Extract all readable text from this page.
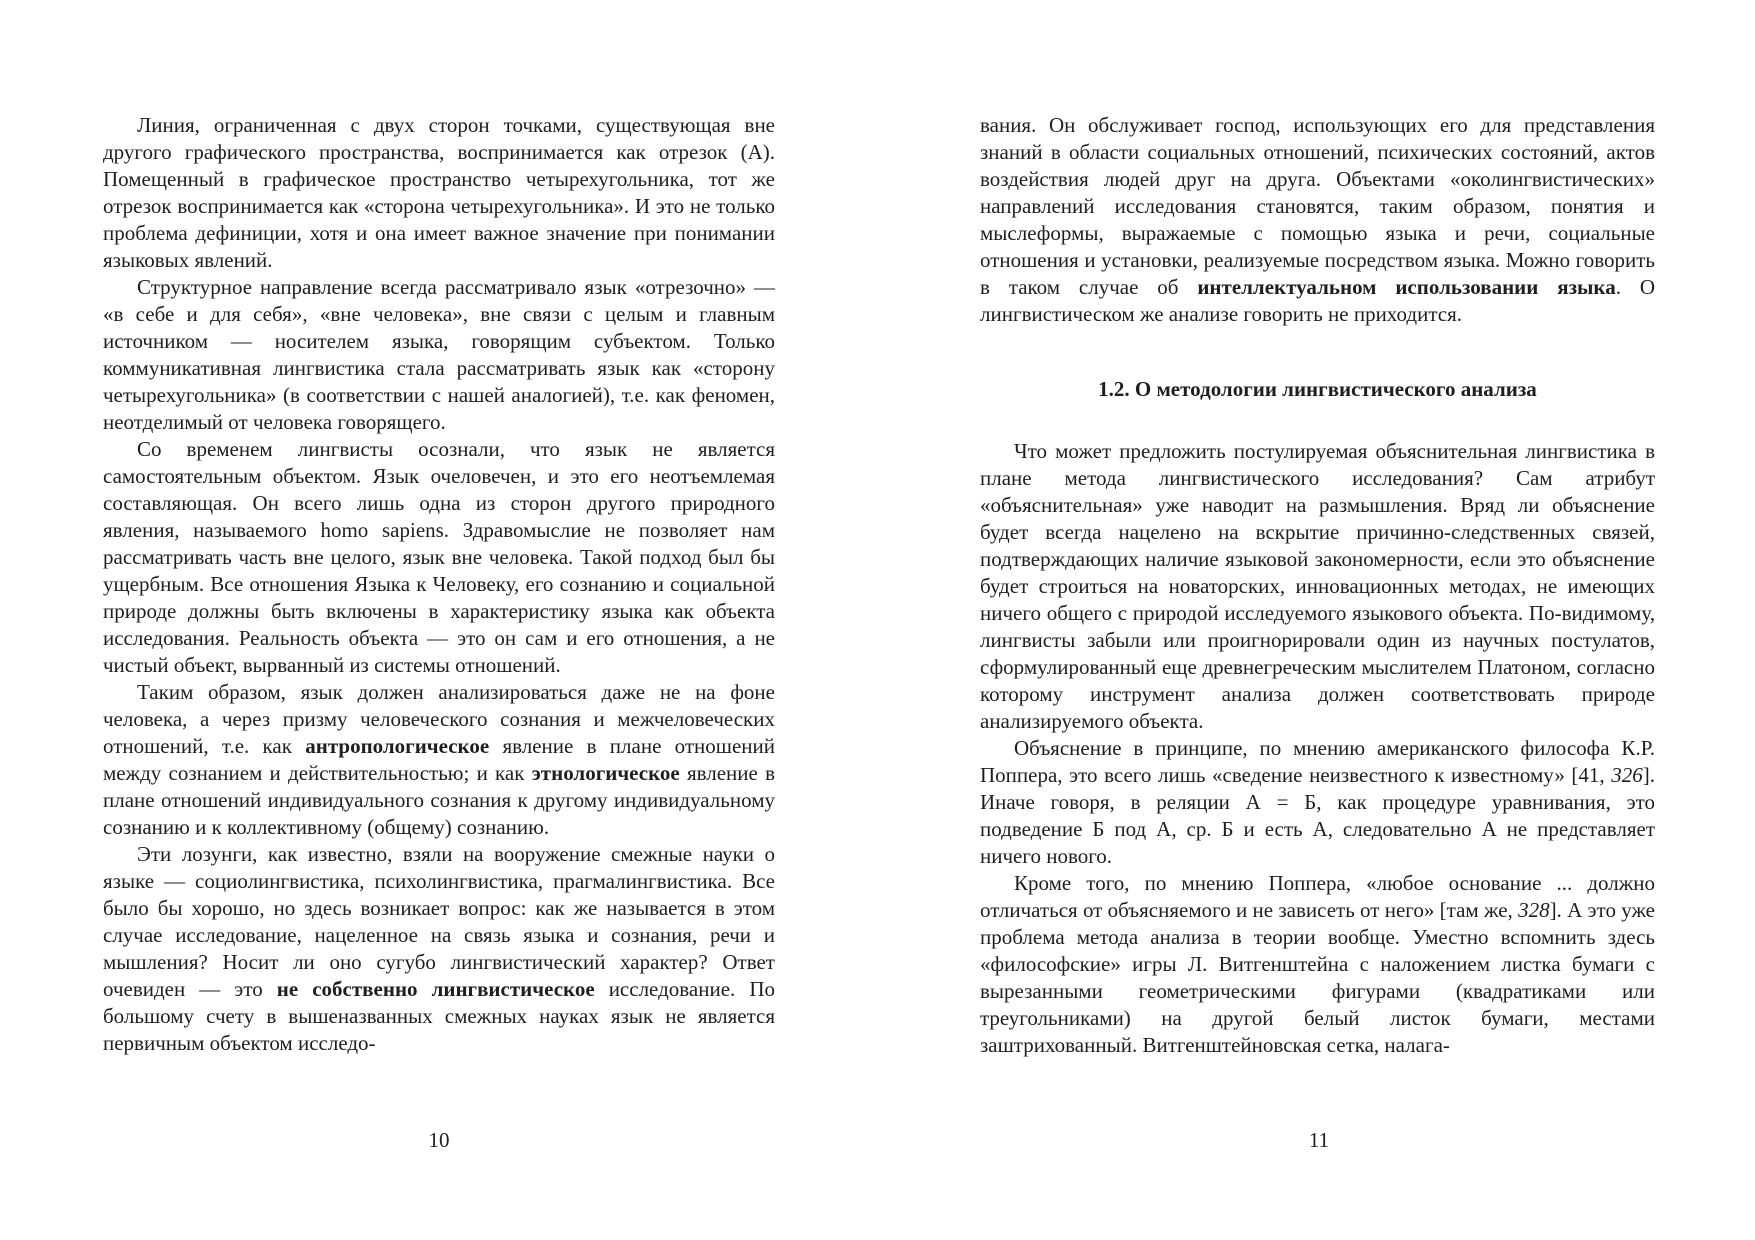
Линия, ограниченная с двух сторон точками, существующая вне другого графического пространства, воспринимается как отрезок (А). Помещенный в графическое пространство четырехугольника, тот же отрезок воспринимается как «сторона четырехугольника». И это не только проблема дефиниции, хотя и она имеет важное значение при понимании языковых явлений.

Структурное направление всегда рассматривало язык «отрезочно» — «в себе и для себя», «вне человека», вне связи с целым и главным источником — носителем языка, говорящим субъектом. Только коммуникативная лингвистика стала рассматривать язык как «сторону четырехугольника» (в соответствии с нашей аналогией), т.е. как феномен, неотделимый от человека говорящего.

Со временем лингвисты осознали, что язык не является самостоятельным объектом. Язык очеловечен, и это его неотъемлемая составляющая. Он всего лишь одна из сторон другого природного явления, называемого homo sapiens. Здравомыслие не позволяет нам рассматривать часть вне целого, язык вне человека. Такой подход был бы ущербным. Все отношения Языка к Человеку, его сознанию и социальной природе должны быть включены в характеристику языка как объекта исследования. Реальность объекта — это он сам и его отношения, а не чистый объект, вырванный из системы отношений.

Таким образом, язык должен анализироваться даже не на фоне человека, а через призму человеческого сознания и межчеловеческих отношений, т.е. как антропологическое явление в плане отношений между сознанием и действительностью; и как этнологическое явление в плане отношений индивидуального сознания к другому индивидуальному сознанию и к коллективному (общему) сознанию.

Эти лозунги, как известно, взяли на вооружение смежные науки о языке — социолингвистика, психолингвистика, прагмалингвистика. Все было бы хорошо, но здесь возникает вопрос: как же называется в этом случае исследование, нацеленное на связь языка и сознания, речи и мышления? Носит ли оно сугубо лингвистический характер? Ответ очевиден — это не собственно лингвистическое исследование. По большому счету в вышеназванных смежных науках язык не является первичным объектом исследо-

10

вания. Он обслуживает господ, использующих его для представления знаний в области социальных отношений, психических состояний, актов воздействия людей друг на друга. Объектами «околингвистических» направлений исследования становятся, таким образом, понятия и мыслеформы, выражаемые с помощью языка и речи, социальные отношения и установки, реализуемые посредством языка. Можно говорить в таком случае об интеллектуальном использовании языка. О лингвистическом же анализе говорить не приходится.

1.2. О методологии лингвистического анализа

Что может предложить постулируемая объяснительная лингвистика в плане метода лингвистического исследования? Сам атрибут «объяснительная» уже наводит на размышления. Вряд ли объяснение будет всегда нацелено на вскрытие причинно-следственных связей, подтверждающих наличие языковой закономерности, если это объяснение будет строиться на новаторских, инновационных методах, не имеющих ничего общего с природой исследуемого языкового объекта. По-видимому, лингвисты забыли или проигнорировали один из научных постулатов, сформулированный еще древнегреческим мыслителем Платоном, согласно которому инструмент анализа должен соответствовать природе анализируемого объекта.

Объяснение в принципе, по мнению американского философа К.Р. Поппера, это всего лишь «сведение неизвестного к известному» [41, 326]. Иначе говоря, в реляции А = Б, как процедуре уравнивания, это подведение Б под А, ср. Б и есть А, следовательно А не представляет ничего нового.

Кроме того, по мнению Поппера, «любое основание ... должно отличаться от объясняемого и не зависеть от него» [там же, 328]. А это уже проблема метода анализа в теории вообще. Уместно вспомнить здесь «философские» игры Л. Витгенштейна с наложением листка бумаги с вырезанными геометрическими фигурами (квадратиками или треугольниками) на другой белый листок бумаги, местами заштрихованный. Витгенштейновская сетка, налага-

11
